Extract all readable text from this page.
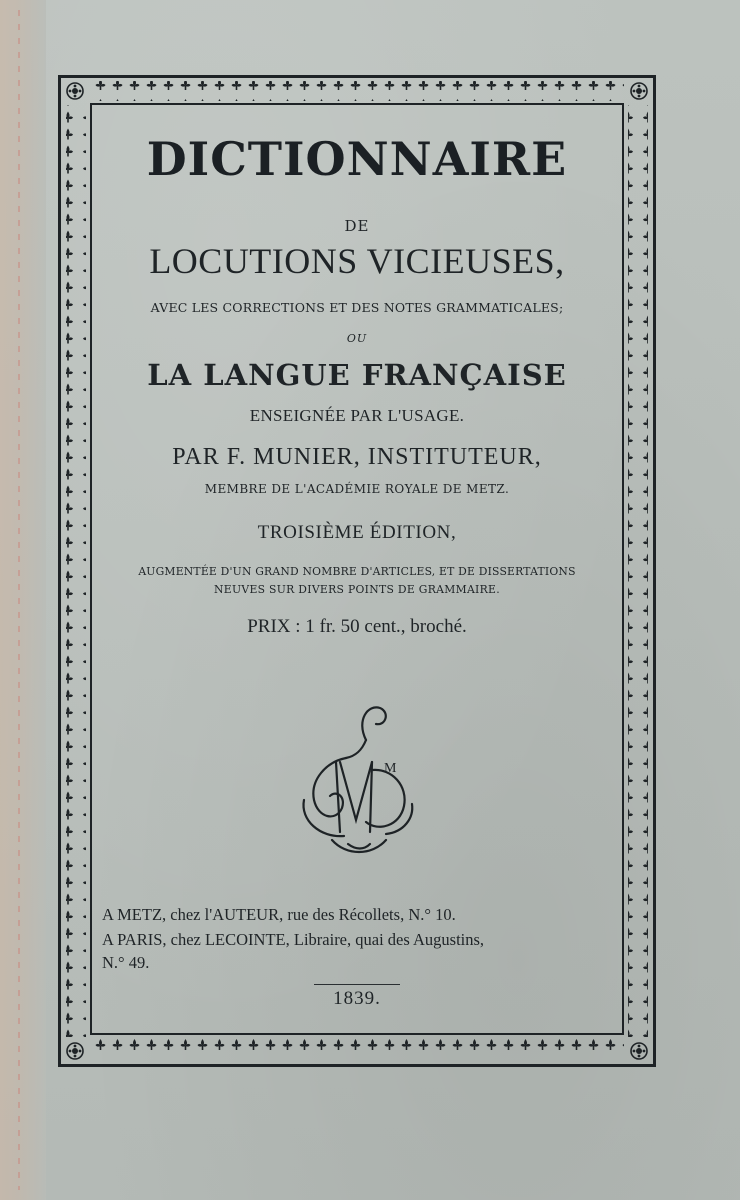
DICTIONNAIRE
DE
LOCUTIONS VICIEUSES,
AVEC LES CORRECTIONS ET DES NOTES GRAMMATICALES;
OU
LA LANGUE FRANÇAISE
ENSEIGNÉE PAR L'USAGE.
PAR F. MUNIER, INSTITUTEUR,
MEMBRE DE L'ACADÉMIE ROYALE DE METZ.
TROISIÈME ÉDITION,
AUGMENTÉE D'UN GRAND NOMBRE D'ARTICLES, ET DE DISSERTATIONS
NEUVES SUR DIVERS POINTS DE GRAMMAIRE.
PRIX : 1 fr. 50 cent., broché.
M
A METZ, chez l'AUTEUR, rue des Récollets, N.° 10.
A PARIS, chez LECOINTE, Libraire, quai des Augustins,
N.° 49.
1839.
